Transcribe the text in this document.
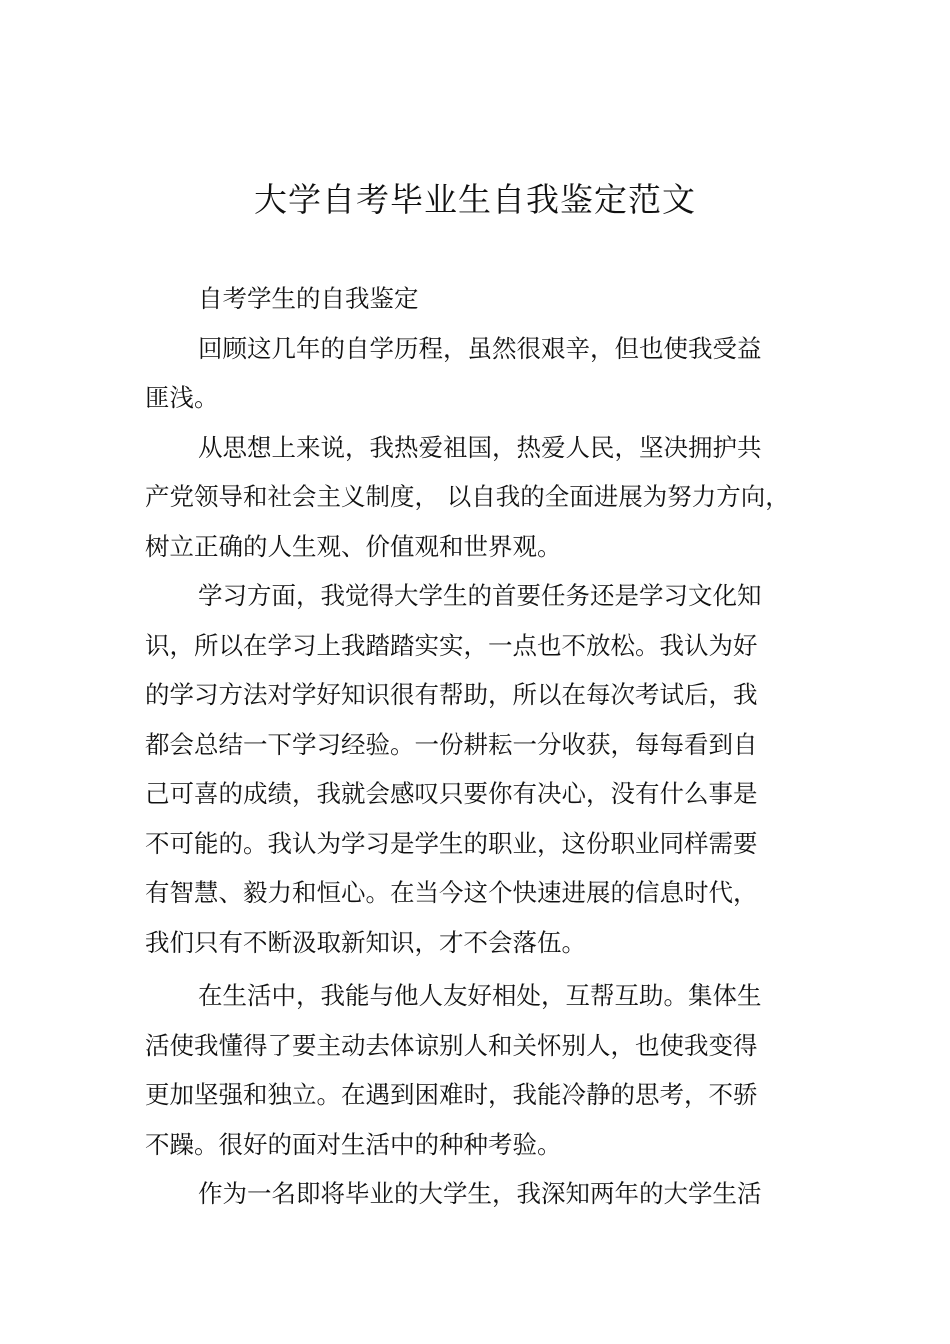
大学自考毕业生自我鉴定范文
自考学生的自我鉴定
回顾这几年的自学历程，虽然很艰辛，但也使我受益
匪浅。
从思想上来说，我热爱祖国，热爱人民，坚决拥护共
产党领导和社会主义制度， 以自我的全面进展为努力方向，
树立正确的人生观、价值观和世界观。
学习方面，我觉得大学生的首要任务还是学习文化知
识，所以在学习上我踏踏实实，一点也不放松。我认为好
的学习方法对学好知识很有帮助，所以在每次考试后，我
都会总结一下学习经验。一份耕耘一分收获，每每看到自
己可喜的成绩，我就会感叹只要你有决心，没有什么事是
不可能的。我认为学习是学生的职业，这份职业同样需要
有智慧、毅力和恒心。在当今这个快速进展的信息时代，
我们只有不断汲取新知识，才不会落伍。
在生活中，我能与他人友好相处，互帮互助。集体生
活使我懂得了要主动去体谅别人和关怀别人，也使我变得
更加坚强和独立。在遇到困难时，我能冷静的思考，不骄
不躁。很好的面对生活中的种种考验。
作为一名即将毕业的大学生，我深知两年的大学生活
